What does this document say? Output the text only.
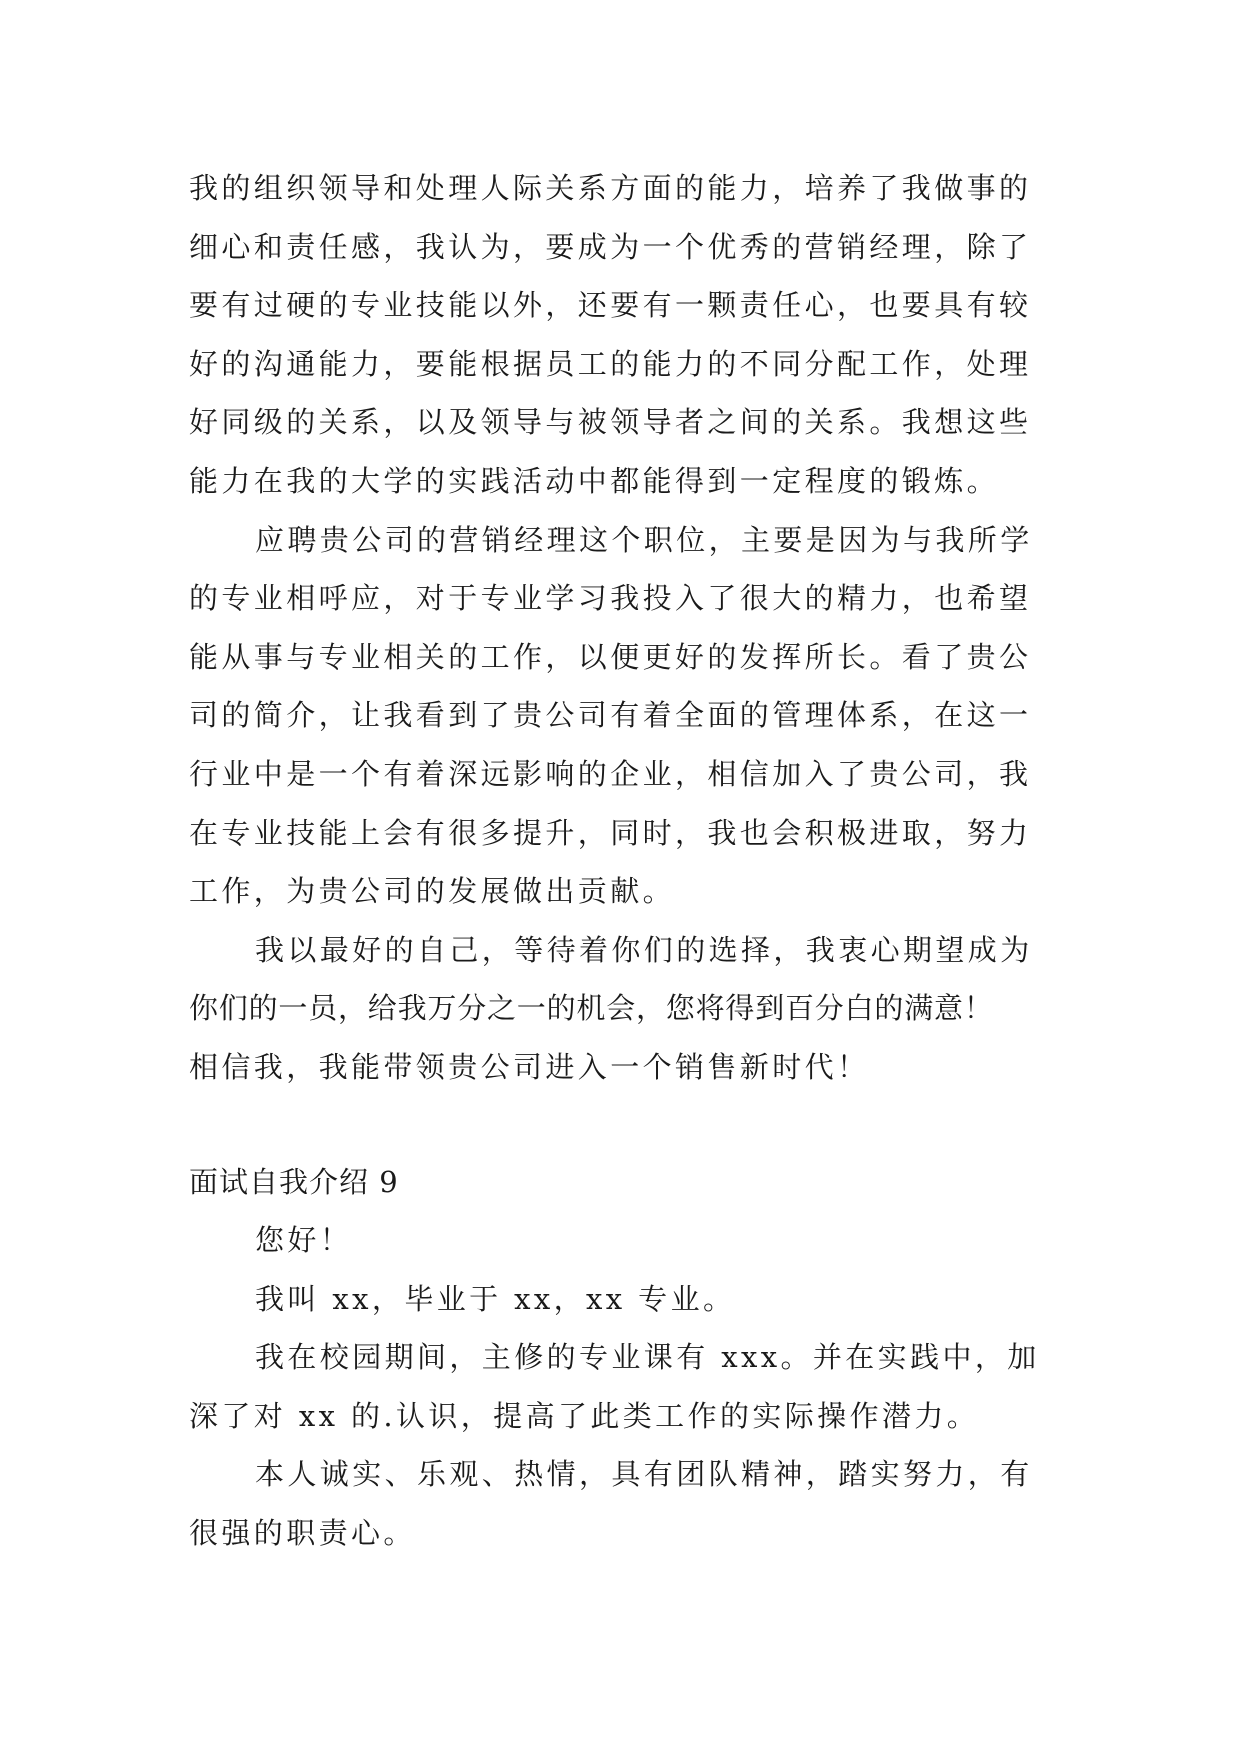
我的组织领导和处理人际关系方面的能力，培养了我做事的
细心和责任感，我认为，要成为一个优秀的营销经理，除了
要有过硬的专业技能以外，还要有一颗责任心，也要具有较
好的沟通能力，要能根据员工的能力的不同分配工作，处理
好同级的关系，以及领导与被领导者之间的关系。我想这些
能力在我的大学的实践活动中都能得到一定程度的锻炼。
应聘贵公司的营销经理这个职位，主要是因为与我所学
的专业相呼应，对于专业学习我投入了很大的精力，也希望
能从事与专业相关的工作，以便更好的发挥所长。看了贵公
司的简介，让我看到了贵公司有着全面的管理体系，在这一
行业中是一个有着深远影响的企业，相信加入了贵公司，我
在专业技能上会有很多提升，同时，我也会积极进取，努力
工作，为贵公司的发展做出贡献。
我以最好的自己，等待着你们的选择，我衷心期望成为
你们的一员，给我万分之一的机会，您将得到百分白的满意！
相信我，我能带领贵公司进入一个销售新时代！
面试自我介绍 9
您好！
我叫 xx，毕业于 xx，xx 专业。
我在校园期间，主修的专业课有 xxx。并在实践中，加
深了对 xx 的.认识，提高了此类工作的实际操作潜力。
本人诚实、乐观、热情，具有团队精神，踏实努力，有
很强的职责心。
